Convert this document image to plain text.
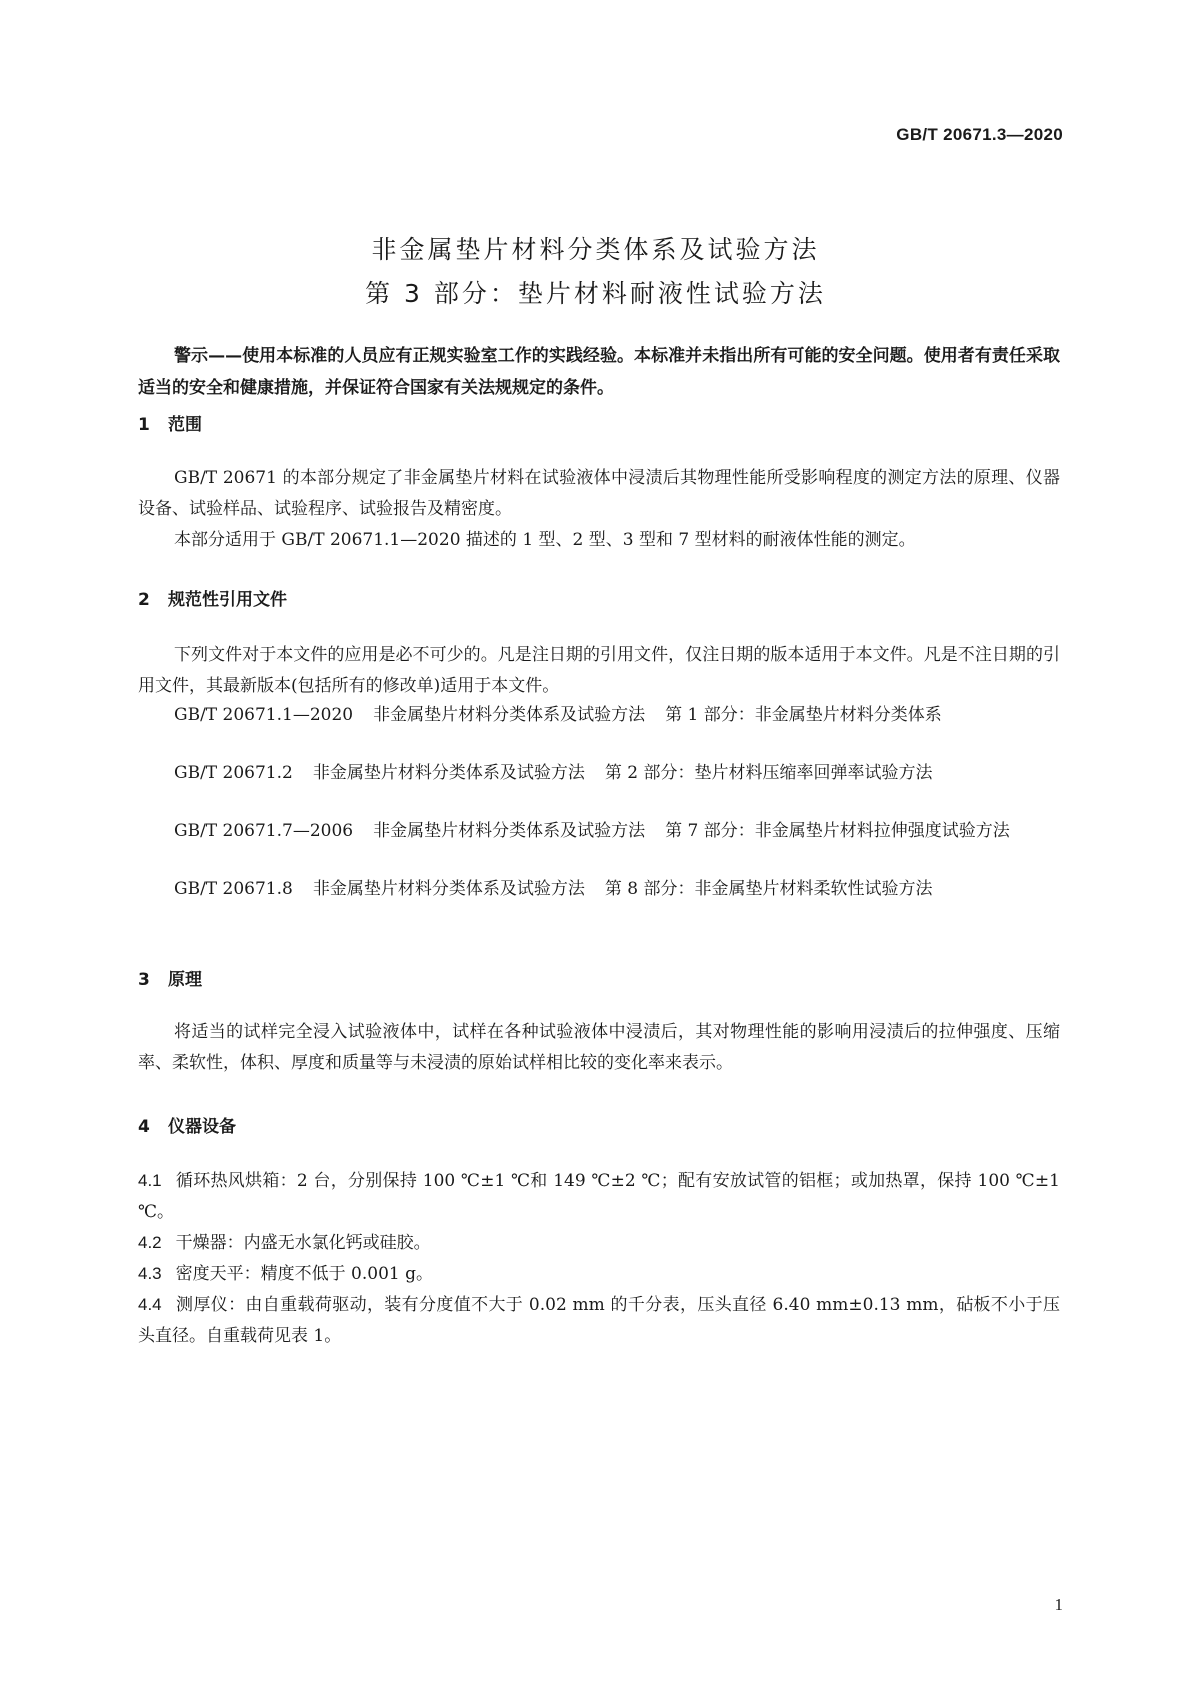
GB/T 20671.3—2020
非金属垫片材料分类体系及试验方法
第 3 部分：垫片材料耐液性试验方法
警示——使用本标准的人员应有正规实验室工作的实践经验。本标准并未指出所有可能的安全问题。使用者有责任采取适当的安全和健康措施，并保证符合国家有关法规规定的条件。
1 范围
GB/T 20671 的本部分规定了非金属垫片材料在试验液体中浸渍后其物理性能所受影响程度的测定方法的原理、仪器设备、试验样品、试验程序、试验报告及精密度。
本部分适用于 GB/T 20671.1—2020 描述的 1 型、2 型、3 型和 7 型材料的耐液体性能的测定。
2 规范性引用文件
下列文件对于本文件的应用是必不可少的。凡是注日期的引用文件，仅注日期的版本适用于本文件。凡是不注日期的引用文件，其最新版本(包括所有的修改单)适用于本文件。
GB/T 20671.1—2020 非金属垫片材料分类体系及试验方法 第 1 部分：非金属垫片材料分类体系
GB/T 20671.2 非金属垫片材料分类体系及试验方法 第 2 部分：垫片材料压缩率回弹率试验方法
GB/T 20671.7—2006 非金属垫片材料分类体系及试验方法 第 7 部分：非金属垫片材料拉伸强度试验方法
GB/T 20671.8 非金属垫片材料分类体系及试验方法 第 8 部分：非金属垫片材料柔软性试验方法
3 原理
将适当的试样完全浸入试验液体中，试样在各种试验液体中浸渍后，其对物理性能的影响用浸渍后的拉伸强度、压缩率、柔软性，体积、厚度和质量等与未浸渍的原始试样相比较的变化率来表示。
4 仪器设备
4.1 循环热风烘箱：2 台，分别保持 100 ℃±1 ℃和 149 ℃±2 ℃；配有安放试管的铝框；或加热罩，保持 100 ℃±1 ℃。
4.2 干燥器：内盛无水氯化钙或硅胶。
4.3 密度天平：精度不低于 0.001 g。
4.4 测厚仪：由自重载荷驱动，装有分度值不大于 0.02 mm 的千分表，压头直径 6.40 mm±0.13 mm，砧板不小于压头直径。自重载荷见表 1。
1
